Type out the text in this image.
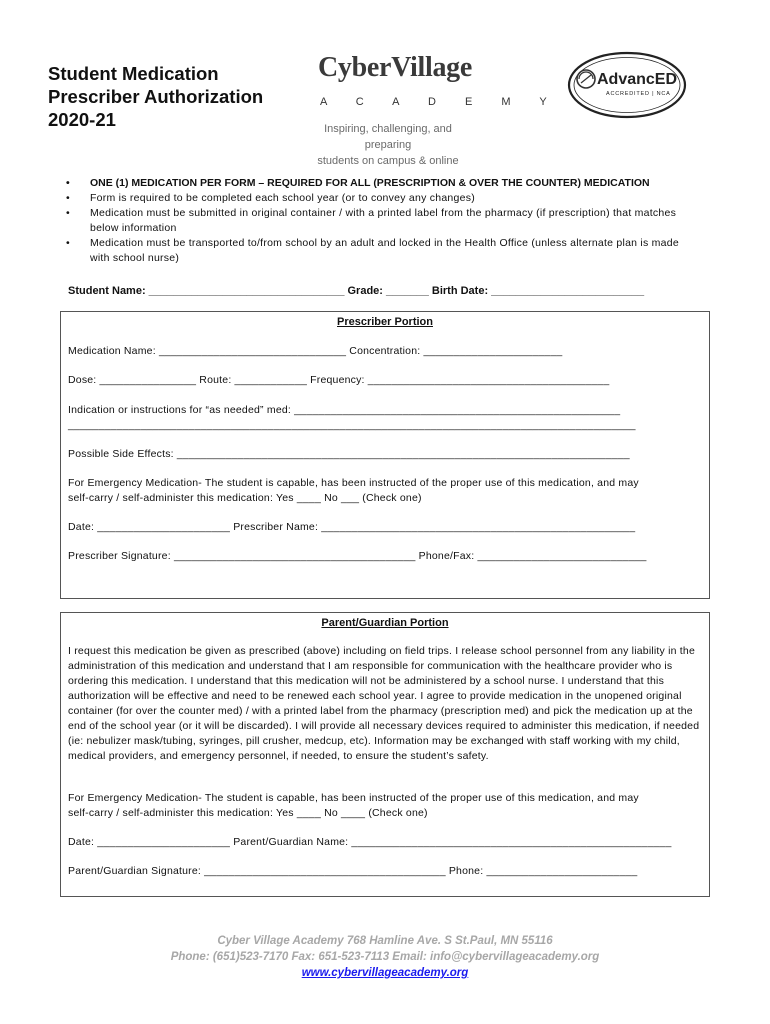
Student Medication
Prescriber Authorization
2020-21
CyberVillage
A C A D E M Y
Inspiring, challenging, and preparing
students on campus & online
AdvancED
ACCREDITED | NCA
• ONE (1) MEDICATION PER FORM – REQUIRED FOR ALL (PRESCRIPTION & OVER THE COUNTER) MEDICATION
• Form is required to be completed each school year (or to convey any changes)
• Medication must be submitted in original container / with a printed label from the pharmacy (if prescription) that matches below information
• Medication must be transported to/from school by an adult and locked in the Health Office (unless alternate plan is made with school nurse)
Student Name: ________________________________ Grade: _______ Birth Date: _________________________
Prescriber Portion
Medication Name: _______________________________ Concentration: _______________________
Dose: ________________ Route: ____________ Frequency: ________________________________________
Indication or instructions for “as needed” med: ______________________________________________________
______________________________________________________________________________________________
Possible Side Effects: ___________________________________________________________________________
For Emergency Medication- The student is capable, has been instructed of the proper use of this medication, and may
self-carry / self-administer this medication: Yes ____ No ___ (Check one)
Date: ______________________ Prescriber Name: ____________________________________________________
Prescriber Signature: ________________________________________ Phone/Fax: ____________________________
Parent/Guardian Portion
I request this medication be given as prescribed (above) including on field trips. I release school personnel from any liability in the administration of this medication and understand that I am responsible for communication with the healthcare provider who is ordering this medication. I understand that this medication will not be administered by a school nurse. I understand that this authorization will be effective and need to be renewed each school year. I agree to provide medication in the unopened original container (for over the counter med) / with a printed label from the pharmacy (prescription med) and pick the medication up at the end of the school year (or it will be discarded). I will provide all necessary devices required to administer this medication, if needed (ie: nebulizer mask/tubing, syringes, pill crusher, medcup, etc). Information may be exchanged with staff working with my child, medical providers, and emergency personnel, if needed, to ensure the student’s safety.
For Emergency Medication- The student is capable, has been instructed of the proper use of this medication, and may
self-carry / self-administer this medication: Yes ____ No ____ (Check one)
Date: ______________________ Parent/Guardian Name: _____________________________________________________
Parent/Guardian Signature: ________________________________________ Phone: _________________________
Cyber Village Academy 768 Hamline Ave. S St.Paul, MN 55116
Phone: (651)523-7170 Fax: 651-523-7113 Email: info@cybervillageacademy.org
www.cybervillageacademy.org
